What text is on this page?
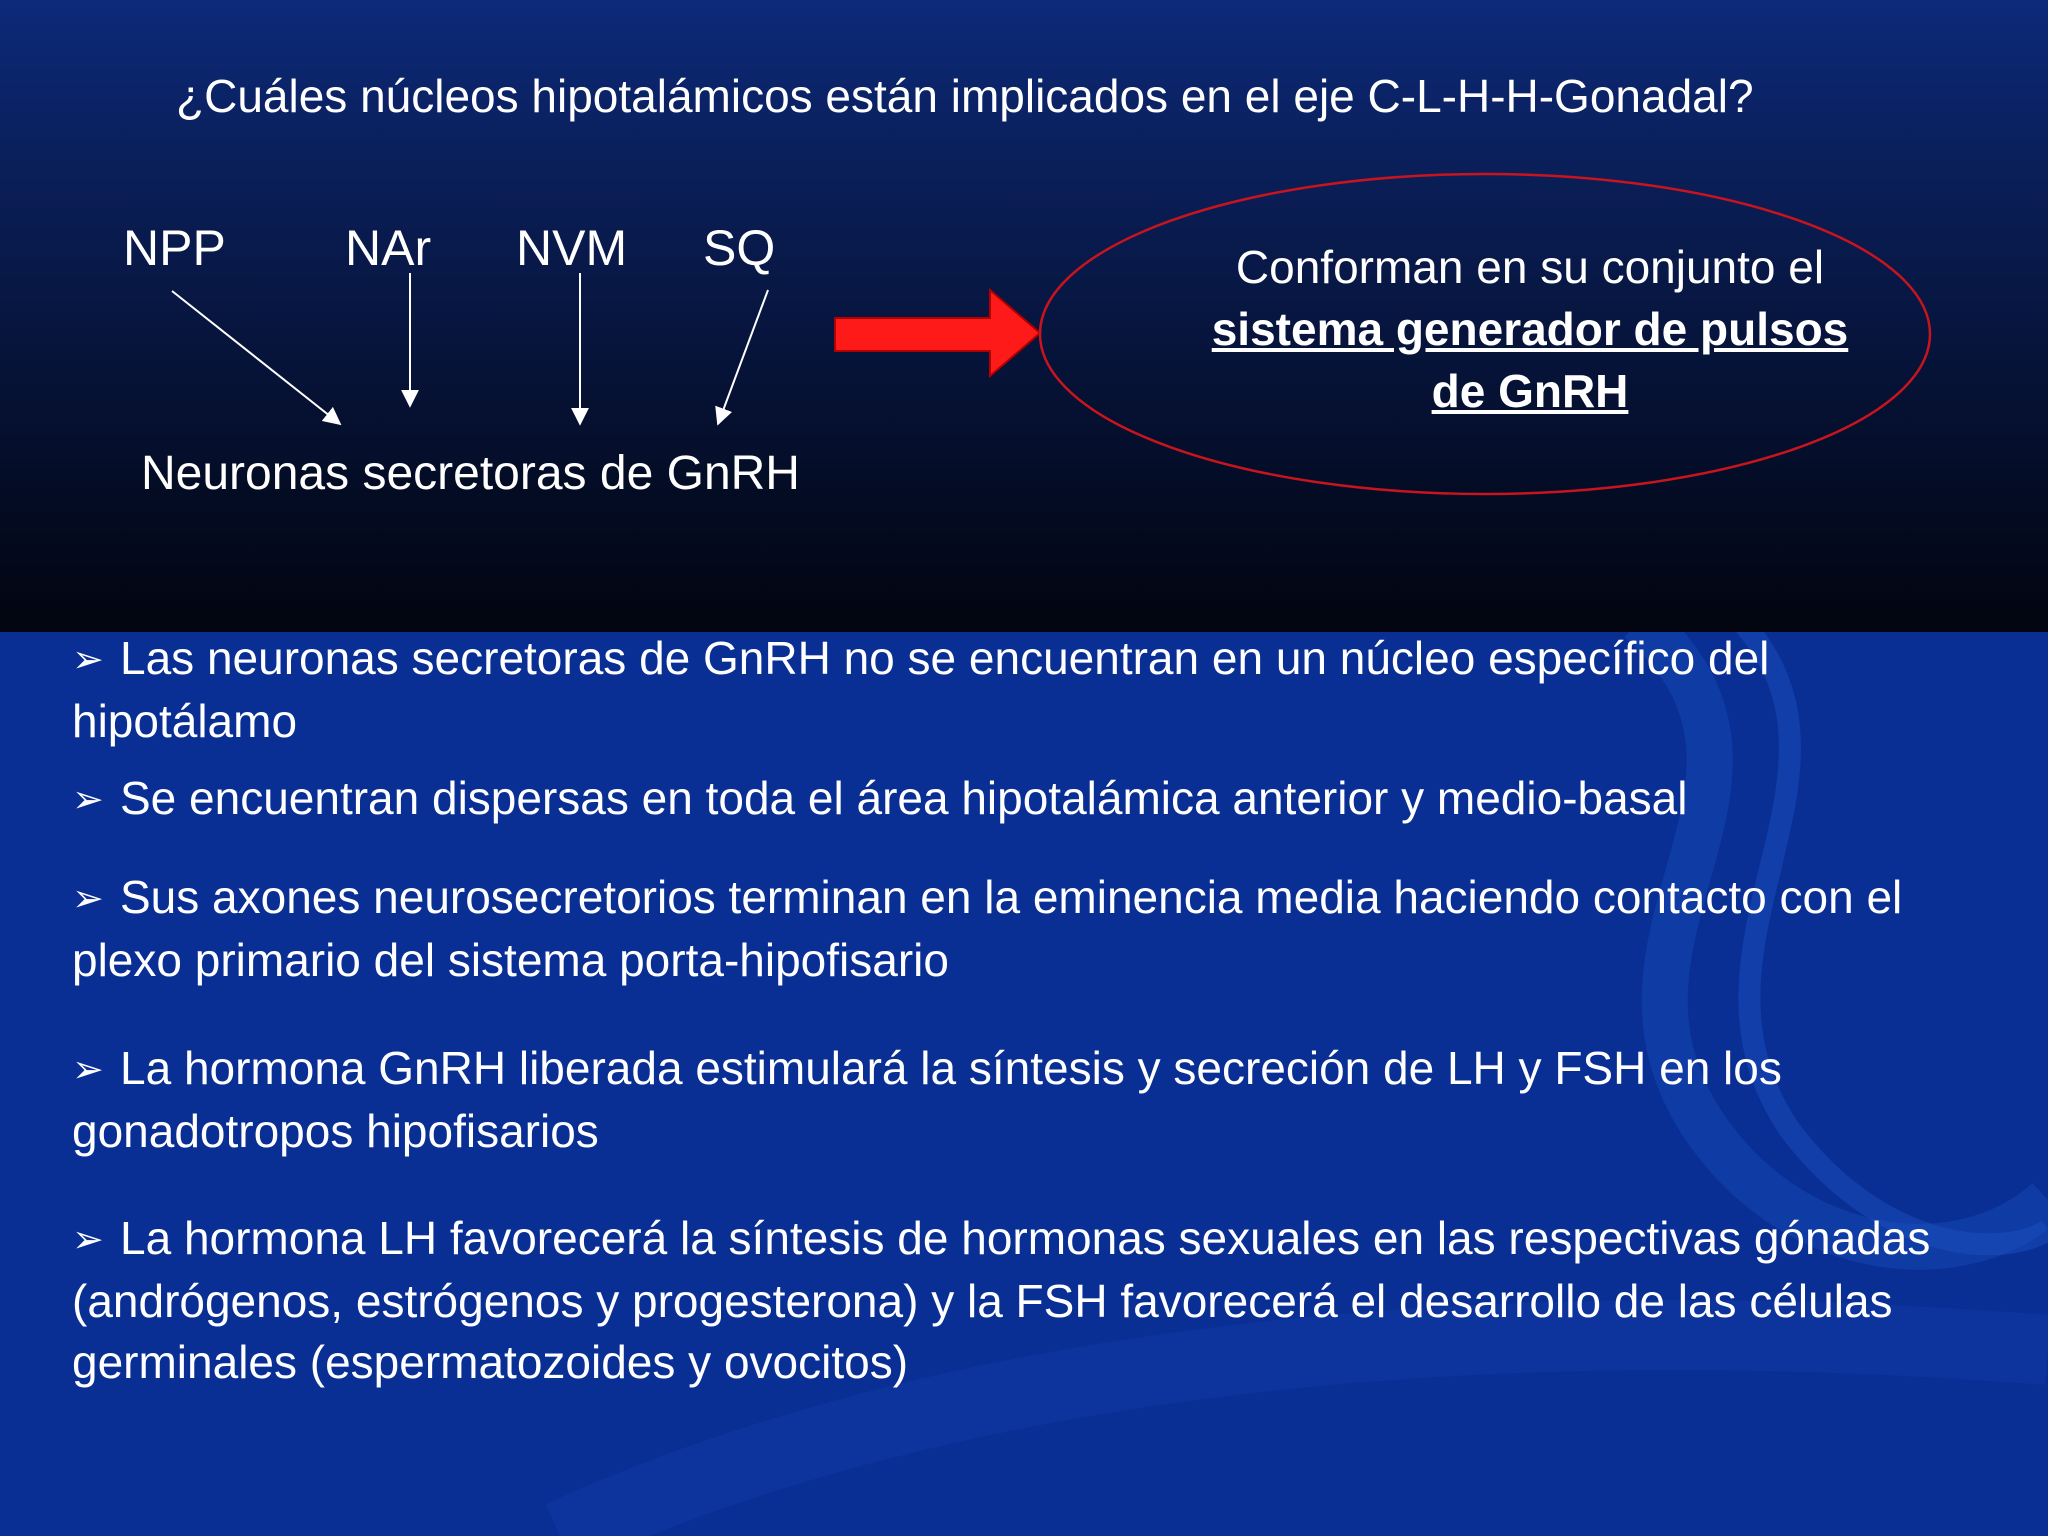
¿Cuáles núcleos hipotalámicos están implicados en el eje C-L-H-H-Gonadal?
NPP NAr NVM SQ	Conforman en su conjunto el
sistema generador de pulsos
de GnRH
Neuronas secretoras de GnRH
➢ Las neuronas secretoras de GnRH no se encuentran en un núcleo específico del hipotálamo
➢ Se encuentran dispersas en toda el área hipotalámica anterior y medio-basal
➢ Sus axones neurosecretorios terminan en la eminencia media haciendo contacto con el plexo primario del sistema porta-hipofisario
➢ La hormona GnRH liberada estimulará la síntesis y secreción de LH y FSH en los gonadotropos hipofisarios
➢ La hormona LH favorecerá la síntesis de hormonas sexuales en las respectivas gónadas (andrógenos, estrógenos y progesterona) y la FSH favorecerá el desarrollo de las células germinales (espermatozoides y ovocitos)
